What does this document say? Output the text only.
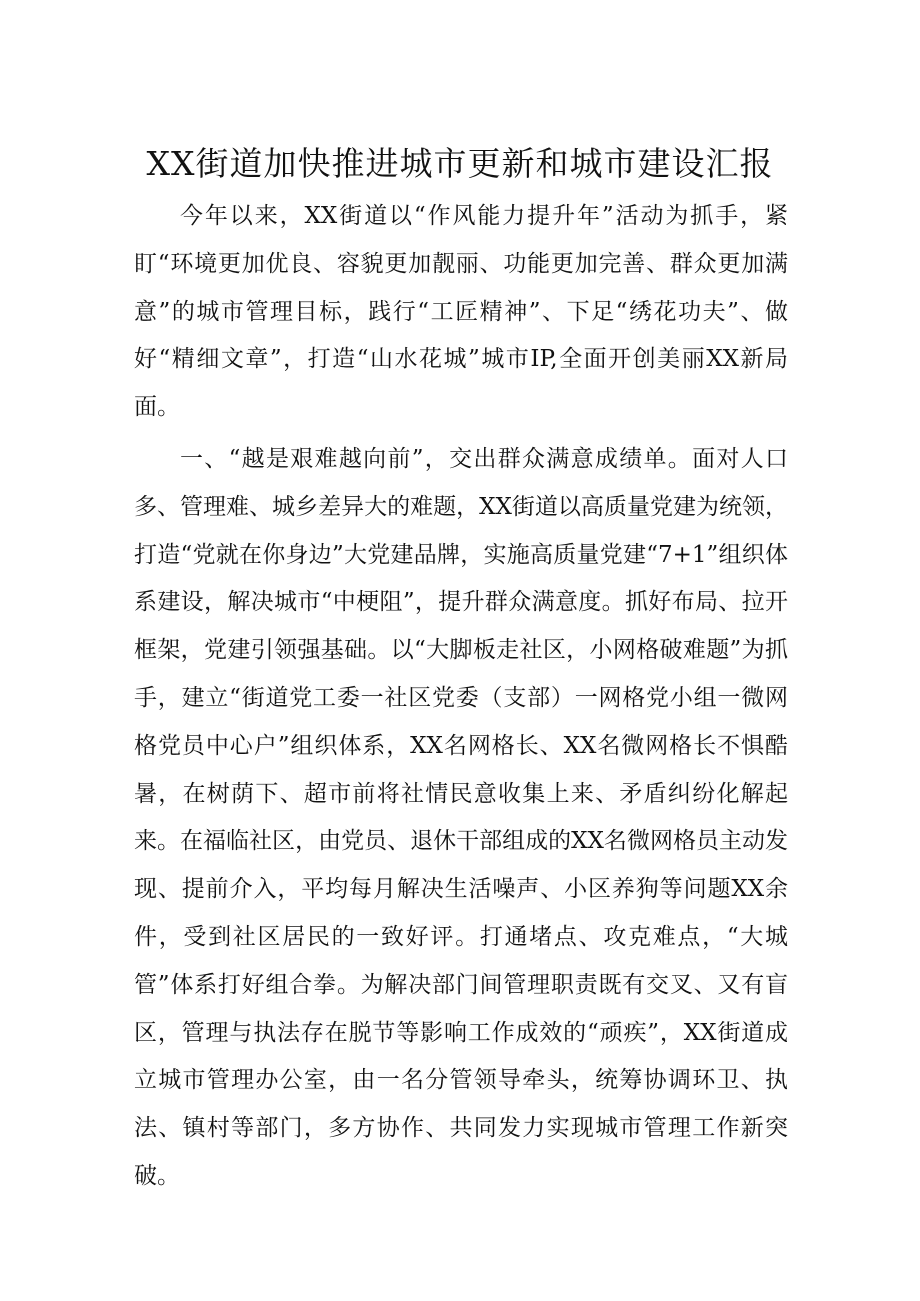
XX街道加快推进城市更新和城市建设汇报

今年以来，XX街道以“作风能力提升年”活动为抓手，紧盯“环境更加优良、容貌更加靓丽、功能更加完善、群众更加满意”的城市管理目标，践行“工匠精神”、下足“绣花功夫”、做好“精细文章”，打造“山水花城”城市IP,全面开创美丽XX新局面。

一、“越是艰难越向前”，交出群众满意成绩单。面对人口多、管理难、城乡差异大的难题，XX街道以高质量党建为统领，打造“党就在你身边”大党建品牌，实施高质量党建“7+1”组织体系建设，解决城市“中梗阻”，提升群众满意度。抓好布局、拉开框架，党建引领强基础。以“大脚板走社区，小网格破难题”为抓手，建立“街道党工委一社区党委（支部）一网格党小组一微网格党员中心户”组织体系，XX名网格长、XX名微网格长不惧酷暑，在树荫下、超市前将社情民意收集上来、矛盾纠纷化解起来。在福临社区，由党员、退休干部组成的XX名微网格员主动发现、提前介入，平均每月解决生活噪声、小区养狗等问题XX余件，受到社区居民的一致好评。打通堵点、攻克难点，“大城管”体系打好组合拳。为解决部门间管理职责既有交叉、又有盲区，管理与执法存在脱节等影响工作成效的“顽疾”，XX街道成立城市管理办公室，由一名分管领导牵头，统筹协调环卫、执法、镇村等部门，多方协作、共同发力实现城市管理工作新突破。
